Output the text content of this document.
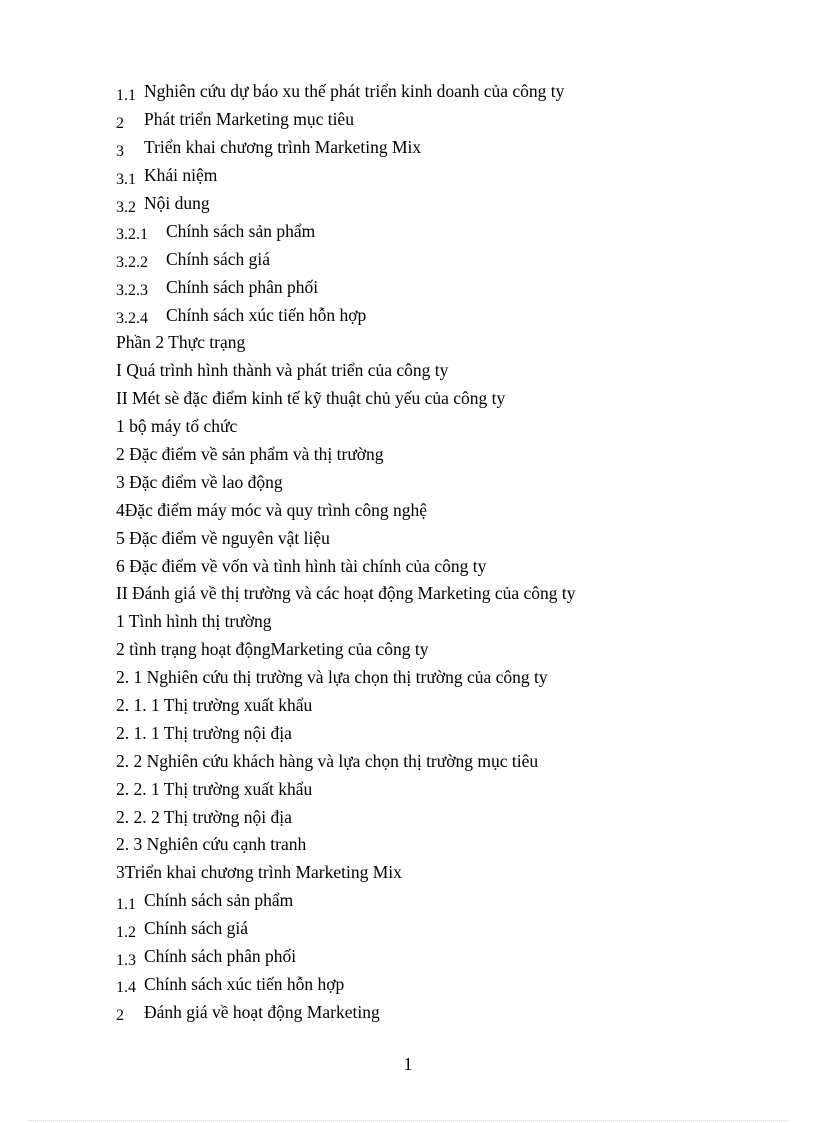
1.1 Nghiên cứu dự báo xu thế phát triển kinh doanh của công ty
2	Phát triển Marketing mục tiêu
3	Triển khai chương trình Marketing Mix
3.1 Khái niệm
3.2 Nội dung
3.2.1	Chính sách sản phẩm
3.2.2	Chính sách giá
3.2.3	Chính sách phân phối
3.2.4	Chính sách xúc tiến hỗn hợp
Phần 2 Thực trạng
I Quá trình hình thành và phát triển của công ty
II Mét sè đặc điểm kinh tế kỹ thuật chủ yếu của công ty
1 bộ máy tổ chức
2 Đặc điểm về sản phẩm và thị trường
3 Đặc điểm về lao động
4Đặc điểm máy móc và quy trình công nghệ
5 Đặc điểm về nguyên vật liệu
6 Đặc điểm về vốn và tình hình tài chính của công ty
II Đánh giá về thị trường và các hoạt động Marketing của công ty
1 Tình hình thị trường
2 tình trạng hoạt độngMarketing của công ty
2. 1 Nghiên cứu thị trường và lựa chọn thị trường của công ty
2. 1. 1 Thị trường xuất khẩu
2. 1. 1 Thị trường nội địa
2. 2 Nghiên cứu khách hàng và lựa chọn thị trường mục tiêu
2. 2. 1 Thị trường xuất khẩu
2. 2. 2 Thị trường nội địa
2. 3 Nghiên cứu cạnh tranh
3Triển khai chương trình Marketing Mix
1.1 Chính sách sản phẩm
1.2 Chính sách giá
1.3 Chính sách phân phối
1.4 Chính sách xúc tiến hỗn hợp
2	Đánh giá về hoạt động Marketing
1
